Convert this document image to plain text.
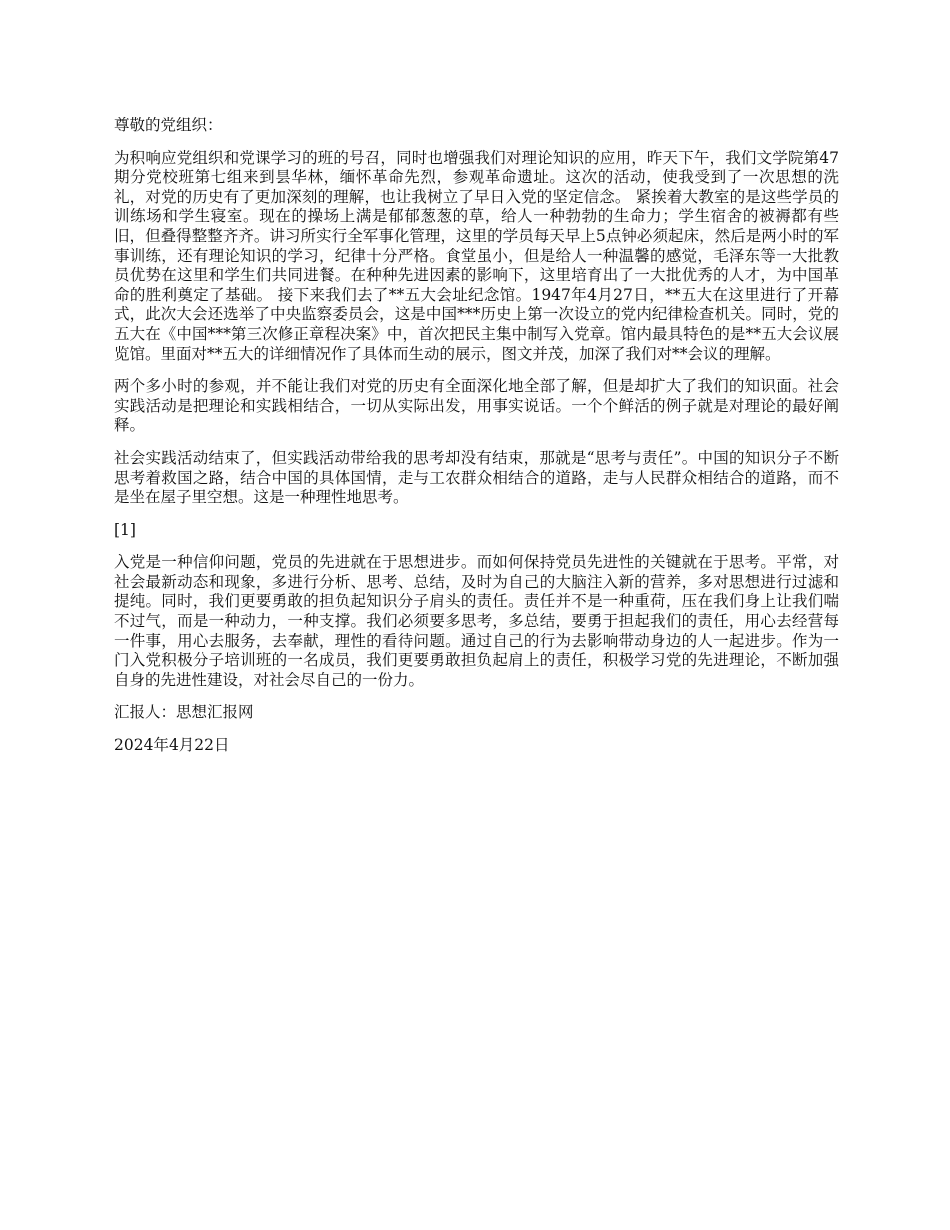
尊敬的党组织：

为积响应党组织和党课学习的班的号召，同时也增强我们对理论知识的应用，昨天下午，我们文学院第47期分党校班第七组来到昙华林，缅怀革命先烈，参观革命遗址。这次的活动，使我受到了一次思想的洗礼，对党的历史有了更加深刻的理解，也让我树立了早日入党的坚定信念。 紧挨着大教室的是这些学员的训练场和学生寝室。现在的操场上满是郁郁葱葱的草，给人一种勃勃的生命力；学生宿舍的被褥都有些旧，但叠得整整齐齐。讲习所实行全军事化管理，这里的学员每天早上5点钟必须起床，然后是两小时的军事训练，还有理论知识的学习，纪律十分严格。食堂虽小，但是给人一种温馨的感觉，毛泽东等一大批教员优势在这里和学生们共同进餐。在种种先进因素的影响下，这里培育出了一大批优秀的人才，为中国革命的胜利奠定了基础。 接下来我们去了**五大会址纪念馆。1947年4月27日，**五大在这里进行了开幕式，此次大会还选举了中央监察委员会，这是中国***历史上第一次设立的党内纪律检查机关。同时，党的五大在《中国***第三次修正章程决案》中，首次把民主集中制写入党章。馆内最具特色的是**五大会议展览馆。里面对**五大的详细情况作了具体而生动的展示，图文并茂，加深了我们对**会议的理解。

两个多小时的参观，并不能让我们对党的历史有全面深化地全部了解，但是却扩大了我们的知识面。社会实践活动是把理论和实践相结合，一切从实际出发，用事实说话。一个个鲜活的例子就是对理论的最好阐释。

社会实践活动结束了，但实践活动带给我的思考却没有结束，那就是“思考与责任”。中国的知识分子不断思考着救国之路，结合中国的具体国情，走与工农群众相结合的道路，走与人民群众相结合的道路，而不是坐在屋子里空想。这是一种理性地思考。

[1]

入党是一种信仰问题，党员的先进就在于思想进步。而如何保持党员先进性的关键就在于思考。平常，对社会最新动态和现象，多进行分析、思考、总结，及时为自己的大脑注入新的营养，多对思想进行过滤和提纯。同时，我们更要勇敢的担负起知识分子肩头的责任。责任并不是一种重荷，压在我们身上让我们喘不过气，而是一种动力，一种支撑。我们必须要多思考，多总结，要勇于担起我们的责任，用心去经营每一件事，用心去服务，去奉献，理性的看待问题。通过自己的行为去影响带动身边的人一起进步。作为一门入党积极分子培训班的一名成员，我们更要勇敢担负起肩上的责任，积极学习党的先进理论，不断加强自身的先进性建设，对社会尽自己的一份力。

汇报人：思想汇报网

2024年4月22日
